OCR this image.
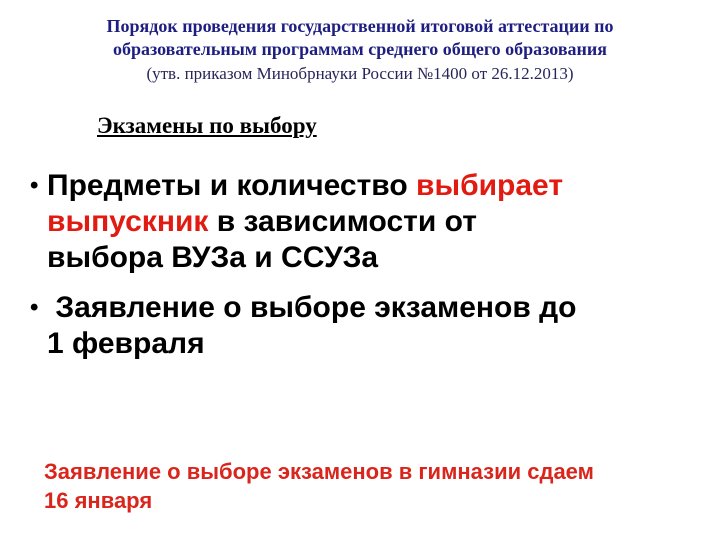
Порядок проведения государственной итоговой аттестации по
образовательным программам среднего общего образования
(утв. приказом Минобрнауки России №1400 от 26.12.2013)
Экзамены по выбору
• Предметы и количество выбирает
выпускник в зависимости от
выбора ВУЗа и ССУЗа
• Заявление о выборе экзаменов до
1 февраля
Заявление о выборе экзаменов в гимназии сдаем
16 января
